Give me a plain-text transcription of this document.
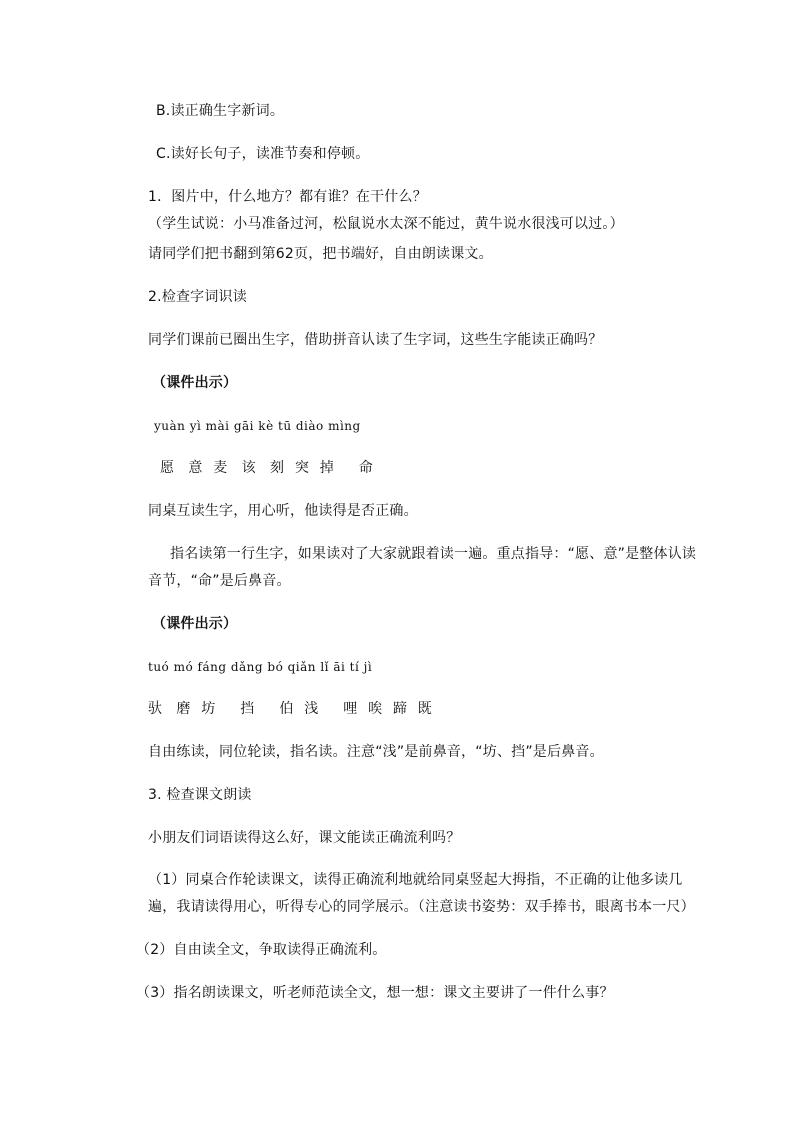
B.读正确生字新词。
C.读好长句子，读准节奏和停顿。
1．图片中，什么地方？都有谁？在干什么？
（学生试说：小马准备过河，松鼠说水太深不能过，黄牛说水很浅可以过。）
请同学们把书翻到第62页，把书端好，自由朗读课文。
2.检查字词识读
同学们课前已圈出生字，借助拼音认读了生字词，这些生字能读正确吗？
（课件出示）
yuàn yì mài gāi kè tū diào mìng
愿　意 麦　该　刻 突 掉　 命
同桌互读生字，用心听，他读得是否正确。
指名读第一行生字，如果读对了大家就跟着读一遍。重点指导：“愿、意”是整体认读
音节，“命”是后鼻音。
（课件出示）
tuó mó fáng dǎng bó qiǎn lǐ āi tí jì
驮　磨 坊　 挡　 伯 浅　 哩 唉 蹄 既
自由练读，同位轮读，指名读。注意“浅”是前鼻音，“坊、挡”是后鼻音。
3. 检查课文朗读
小朋友们词语读得这么好，课文能读正确流利吗？
（1）同桌合作轮读课文，读得正确流利地就给同桌竖起大拇指，不正确的让他多读几
遍，我请读得用心，听得专心的同学展示。（注意读书姿势：双手捧书，眼离书本一尺）
（2）自由读全文，争取读得正确流利。
（3）指名朗读课文，听老师范读全文，想一想：课文主要讲了一件什么事？
